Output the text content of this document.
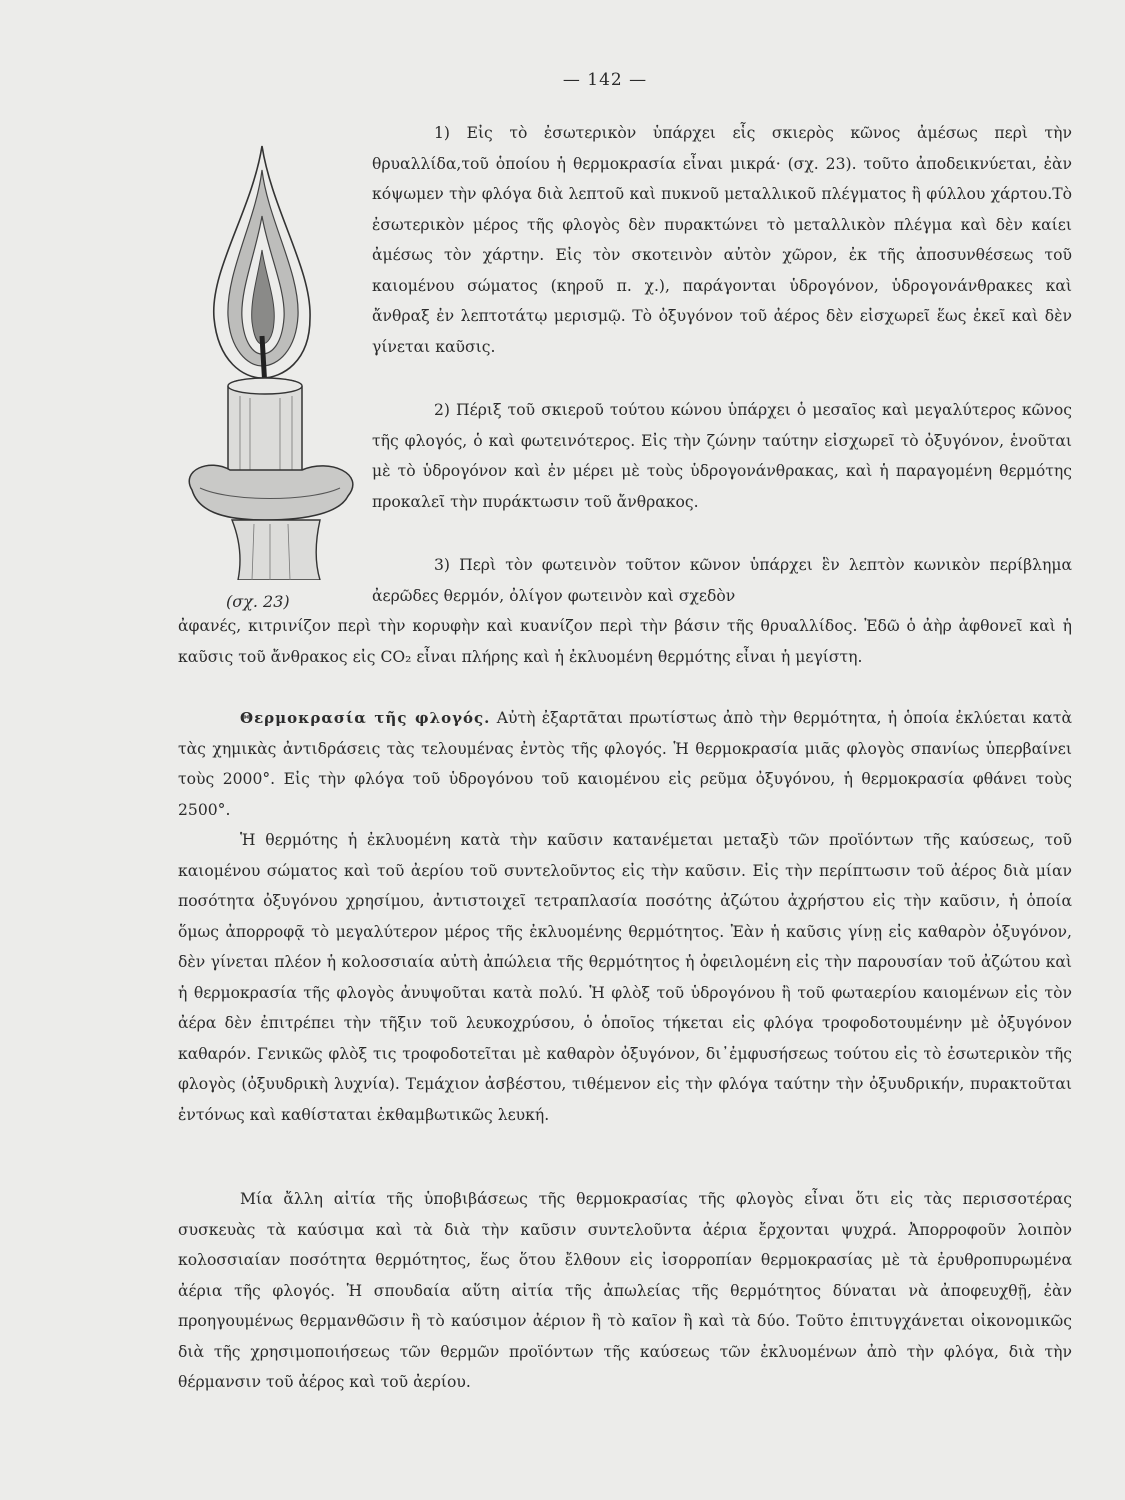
— 142 —
(σχ. 23)

1) Εἰς τὸ ἐσωτερικὸν ὑπάρχει εἷς σκιερὸς κῶνος ἀμέσως περὶ τὴν θρυαλλίδα,τοῦ ὁποίου ἡ θερμοκρασία εἶναι μικρά· (σχ. 23). τοῦτο ἀποδεικνύεται, ἐὰν κόψωμεν τὴν φλόγα διὰ λεπτοῦ καὶ πυκνοῦ μεταλλικοῦ πλέγματος ἢ φύλλου χάρτου.Τὸ ἐσωτερικὸν μέρος τῆς φλογὸς δὲν πυρακτώνει τὸ μεταλλικὸν πλέγμα καὶ δὲν καίει ἀμέσως τὸν χάρτην. Εἰς τὸν σκοτεινὸν αὐτὸν χῶρον, ἐκ τῆς ἀποσυνθέσεως τοῦ καιομένου σώματος (κηροῦ π. χ.), παράγονται ὑδρογόνον, ὑδρογονάνθρακες καὶ ἄνθραξ ἐν λεπτοτάτῳ μερισμῷ. Τὸ ὀξυγόνον τοῦ ἀέρος δὲν εἰσχωρεῖ ἕως ἐκεῖ καὶ δὲν γίνεται καῦσις.

2) Πέριξ τοῦ σκιεροῦ τούτου κώνου ὑπάρχει ὁ μεσαῖος καὶ μεγαλύτερος κῶνος τῆς φλογός, ὁ καὶ φωτεινότερος. Εἰς τὴν ζώνην ταύτην εἰσχωρεῖ τὸ ὀξυγόνον, ἑνοῦται μὲ τὸ ὑδρογόνον καὶ ἐν μέρει μὲ τοὺς ὑδρογονάνθρακας, καὶ ἡ παραγομένη θερμότης προκαλεῖ τὴν πυράκτωσιν τοῦ ἄνθρακος.

3) Περὶ τὸν φωτεινὸν τοῦτον κῶνον ὑπάρχει ἓν λεπτὸν κωνικὸν περίβλημα ἀερῶδες θερμόν, ὀλίγον φωτεινὸν καὶ σχεδὸν

ἀφανές, κιτρινίζον περὶ τὴν κορυφὴν καὶ κυανίζον περὶ τὴν βάσιν τῆς θρυαλλίδος. Ἐδῶ ὁ ἀὴρ ἀφθονεῖ καὶ ἡ καῦσις τοῦ ἄνθρακος εἰς CO₂ εἶναι πλήρης καὶ ἡ ἐκλυομένη θερμότης εἶναι ἡ μεγίστη.

Θερμοκρασία τῆς φλογός. Αὐτὴ ἐξαρτᾶται πρωτίστως ἀπὸ τὴν θερμότητα, ἡ ὁποία ἐκλύεται κατὰ τὰς χημικὰς ἀντιδράσεις τὰς τελουμένας ἐντὸς τῆς φλογός. Ἡ θερμοκρασία μιᾶς φλογὸς σπανίως ὑπερβαίνει τοὺς 2000°. Εἰς τὴν φλόγα τοῦ ὑδρογόνου τοῦ καιομένου εἰς ρεῦμα ὀξυγόνου, ἡ θερμοκρασία φθάνει τοὺς 2500°.

Ἡ θερμότης ἡ ἐκλυομένη κατὰ τὴν καῦσιν κατανέμεται μεταξὺ τῶν προϊόντων τῆς καύσεως, τοῦ καιομένου σώματος καὶ τοῦ ἀερίου τοῦ συντελοῦντος εἰς τὴν καῦσιν. Εἰς τὴν περίπτωσιν τοῦ ἀέρος διὰ μίαν ποσότητα ὀξυγόνου χρησίμου, ἀντιστοιχεῖ τετραπλασία ποσότης ἀζώτου ἀχρήστου εἰς τὴν καῦσιν, ἡ ὁποία ὅμως ἀπορροφᾷ τὸ μεγαλύτερον μέρος τῆς ἐκλυομένης θερμότητος. Ἐὰν ἡ καῦσις γίνῃ εἰς καθαρὸν ὀξυγόνον, δὲν γίνεται πλέον ἡ κολοσσιαία αὐτὴ ἀπώλεια τῆς θερμότητος ἡ ὀφειλομένη εἰς τὴν παρουσίαν τοῦ ἀζώτου καὶ ἡ θερμοκρασία τῆς φλογὸς ἀνυψοῦται κατὰ πολύ. Ἡ φλὸξ τοῦ ὑδρογόνου ἢ τοῦ φωταερίου καιομένων εἰς τὸν ἀέρα δὲν ἐπιτρέπει τὴν τῆξιν τοῦ λευκοχρύσου, ὁ ὁποῖος τήκεται εἰς φλόγα τροφοδοτουμένην μὲ ὀξυγόνον καθαρόν. Γενικῶς φλὸξ τις τροφοδοτεῖται μὲ καθαρὸν ὀξυγόνον, δι᾿ἐμφυσήσεως τούτου εἰς τὸ ἐσωτερικὸν τῆς φλογὸς (ὀξυυδρικὴ λυχνία). Τεμάχιον ἀσβέστου, τιθέμενον εἰς τὴν φλόγα ταύτην τὴν ὀξυυδρικήν, πυρακτοῦται ἐντόνως καὶ καθίσταται ἐκθαμβωτικῶς λευκή.

Μία ἄλλη αἰτία τῆς ὑποβιβάσεως τῆς θερμοκρασίας τῆς φλογὸς εἶναι ὅτι εἰς τὰς περισσοτέρας συσκευὰς τὰ καύσιμα καὶ τὰ διὰ τὴν καῦσιν συντελοῦντα ἀέρια ἔρχονται ψυχρά. Ἀπορροφοῦν λοιπὸν κολοσσιαίαν ποσότητα θερμότητος, ἕως ὅτου ἔλθουν εἰς ἰσορροπίαν θερμοκρασίας μὲ τὰ ἐρυθροπυρωμένα ἀέρια τῆς φλογός. Ἡ σπουδαία αὕτη αἰτία τῆς ἀπωλείας τῆς θερμότητος δύναται νὰ ἀποφευχθῇ, ἐὰν προηγουμένως θερμανθῶσιν ἢ τὸ καύσιμον ἀέριον ἢ τὸ καῖον ἢ καὶ τὰ δύο. Τοῦτο ἐπιτυγχάνεται οἰκονομικῶς διὰ τῆς χρησιμοποιήσεως τῶν θερμῶν προϊόντων τῆς καύσεως τῶν ἐκλυομένων ἀπὸ τὴν φλόγα, διὰ τὴν θέρμανσιν τοῦ ἀέρος καὶ τοῦ ἀερίου.
